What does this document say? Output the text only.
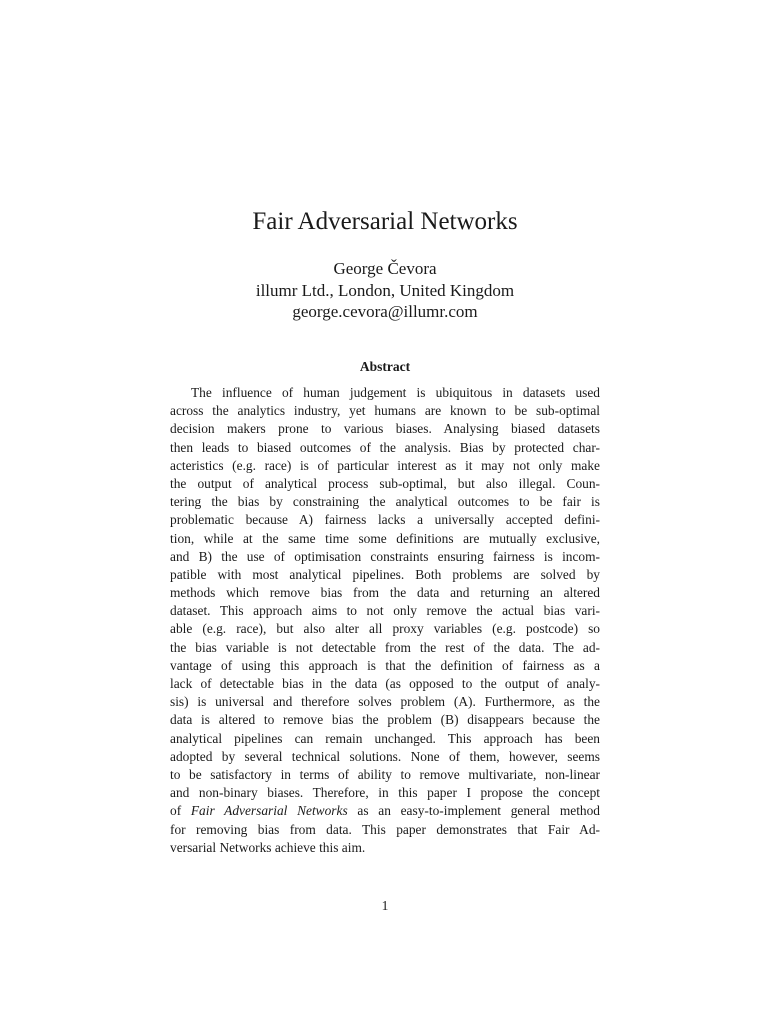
Fair Adversarial Networks
George Čevora
illumr Ltd., London, United Kingdom
george.cevora@illumr.com
Abstract
The influence of human judgement is ubiquitous in datasets used
across the analytics industry, yet humans are known to be sub-optimal
decision makers prone to various biases. Analysing biased datasets
then leads to biased outcomes of the analysis. Bias by protected char-
acteristics (e.g. race) is of particular interest as it may not only make
the output of analytical process sub-optimal, but also illegal. Coun-
tering the bias by constraining the analytical outcomes to be fair is
problematic because A) fairness lacks a universally accepted defini-
tion, while at the same time some definitions are mutually exclusive,
and B) the use of optimisation constraints ensuring fairness is incom-
patible with most analytical pipelines. Both problems are solved by
methods which remove bias from the data and returning an altered
dataset. This approach aims to not only remove the actual bias vari-
able (e.g. race), but also alter all proxy variables (e.g. postcode) so
the bias variable is not detectable from the rest of the data. The ad-
vantage of using this approach is that the definition of fairness as a
lack of detectable bias in the data (as opposed to the output of analy-
sis) is universal and therefore solves problem (A). Furthermore, as the
data is altered to remove bias the problem (B) disappears because the
analytical pipelines can remain unchanged. This approach has been
adopted by several technical solutions. None of them, however, seems
to be satisfactory in terms of ability to remove multivariate, non-linear
and non-binary biases. Therefore, in this paper I propose the concept
of Fair Adversarial Networks as an easy-to-implement general method
for removing bias from data. This paper demonstrates that Fair Ad-
versarial Networks achieve this aim.
1
